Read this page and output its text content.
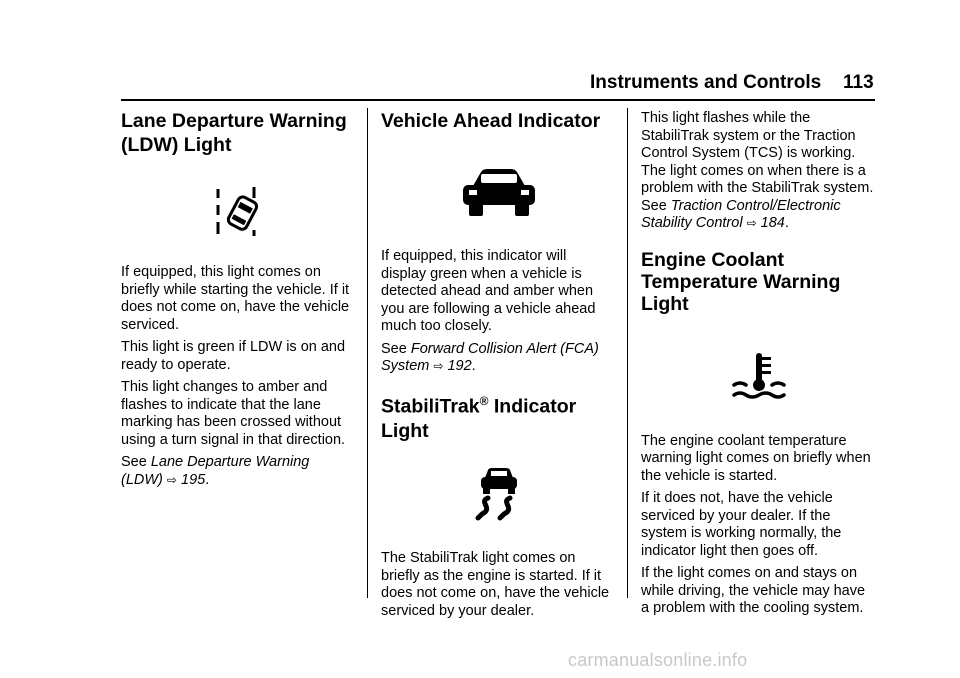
Instruments and Controls 113
Lane Departure Warning
(LDW) Light

If equipped, this light comes on
briefly while starting the vehicle. If it
does not come on, have the vehicle
serviced.

This light is green if LDW is on and
ready to operate.

This light changes to amber and
flashes to indicate that the lane
marking has been crossed without
using a turn signal in that direction.

See Lane Departure Warning
(LDW) ⇨ 195.

Vehicle Ahead Indicator

If equipped, this indicator will
display green when a vehicle is
detected ahead and amber when
you are following a vehicle ahead
much too closely.

See Forward Collision Alert (FCA)
System ⇨ 192.

StabiliTrak® Indicator
Light

The StabiliTrak light comes on
briefly as the engine is started. If it
does not come on, have the vehicle
serviced by your dealer.

This light flashes while the
StabiliTrak system or the Traction
Control System (TCS) is working.
The light comes on when there is a
problem with the StabiliTrak system.
See Traction Control/Electronic
Stability Control ⇨ 184.

Engine Coolant
Temperature Warning
Light

The engine coolant temperature
warning light comes on briefly when
the vehicle is started.

If it does not, have the vehicle
serviced by your dealer. If the
system is working normally, the
indicator light then goes off.

If the light comes on and stays on
while driving, the vehicle may have
a problem with the cooling system.

carmanualsonline.info
